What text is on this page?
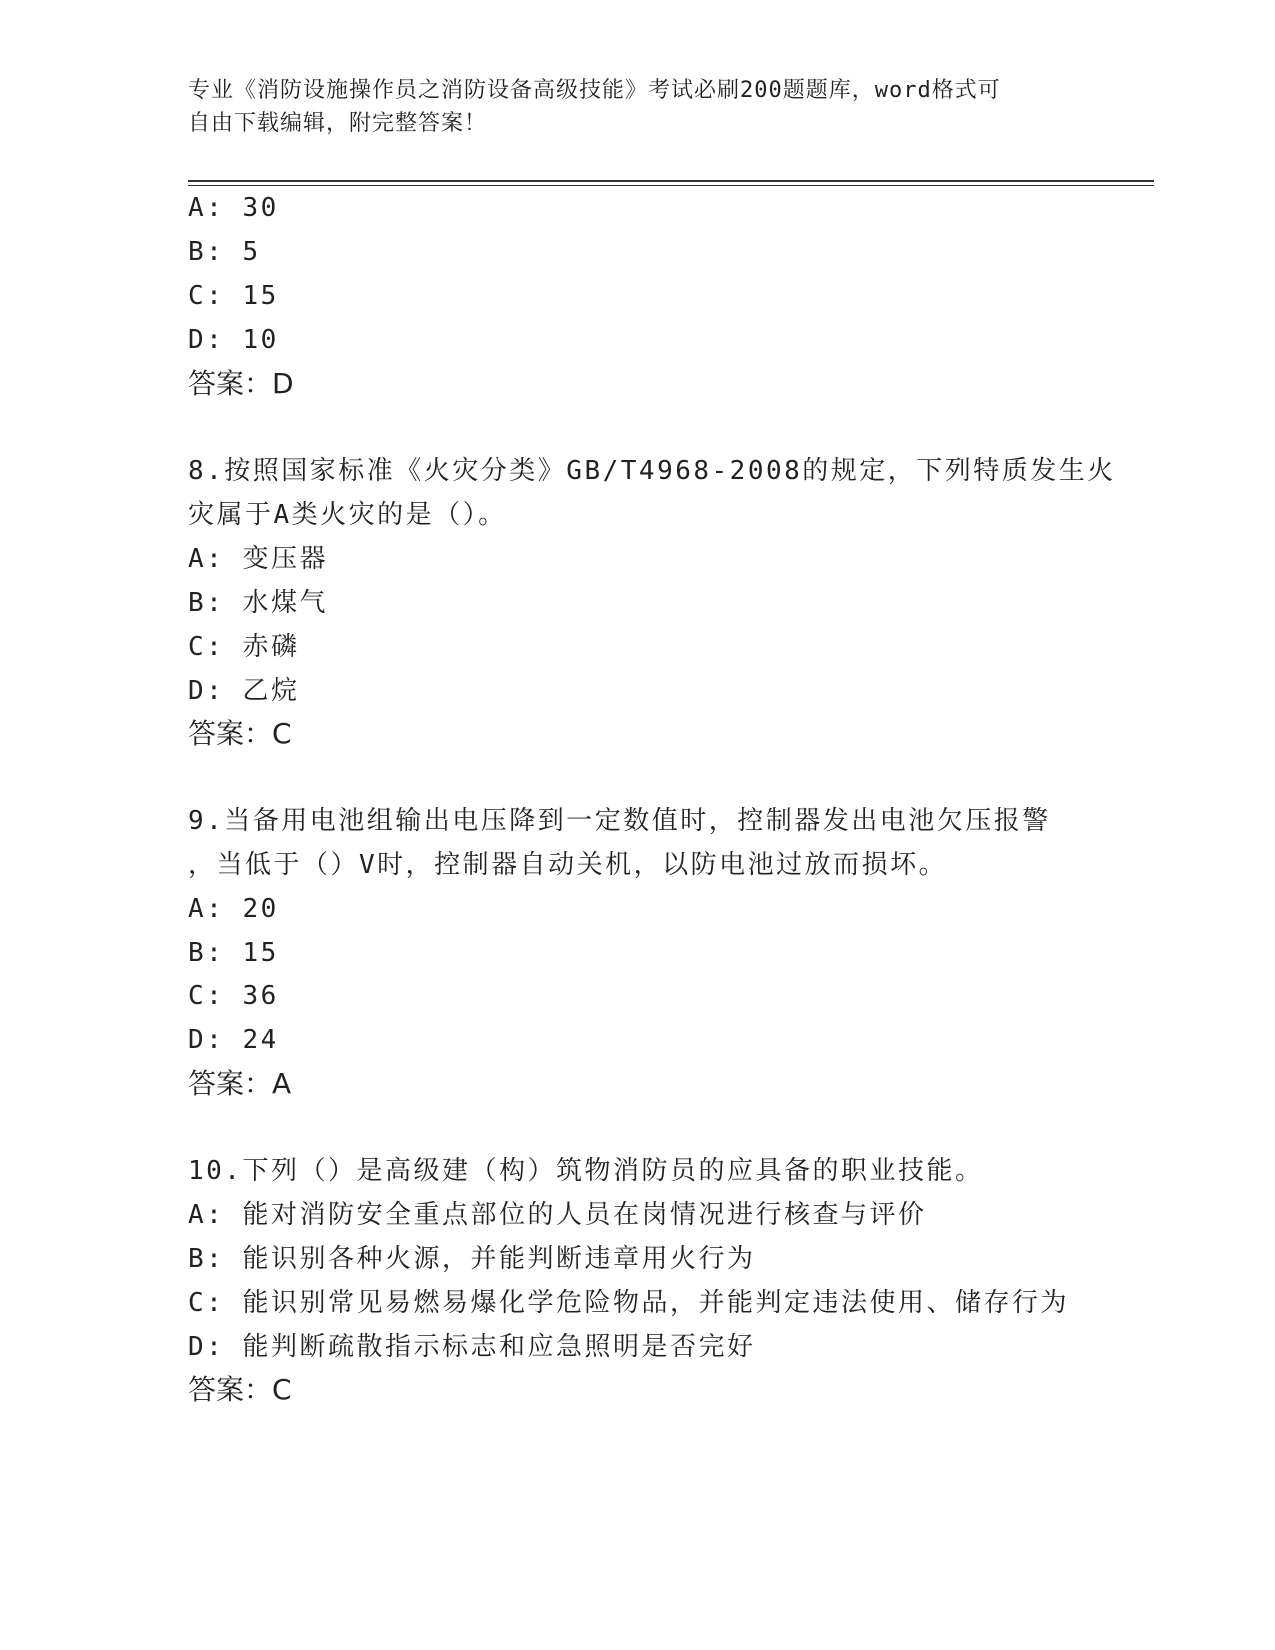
专业《消防设施操作员之消防设备高级技能》考试必刷200题题库，word格式可
自由下载编辑，附完整答案！
A: 30
B: 5
C: 15
D: 10
答案：D
8.按照国家标准《火灾分类》GB/T4968-2008的规定，下列特质发生火
灾属于A类火灾的是（）。
A: 变压器
B: 水煤气
C: 赤磷
D: 乙烷
答案：C
9.当备用电池组输出电压降到一定数值时，控制器发出电池欠压报警
，当低于（）V时，控制器自动关机，以防电池过放而损坏。
A: 20
B: 15
C: 36
D: 24
答案：A
10.下列（）是高级建（构）筑物消防员的应具备的职业技能。
A: 能对消防安全重点部位的人员在岗情况进行核查与评价
B: 能识别各种火源，并能判断违章用火行为
C: 能识别常见易燃易爆化学危险物品，并能判定违法使用、储存行为
D: 能判断疏散指示标志和应急照明是否完好
答案：C
